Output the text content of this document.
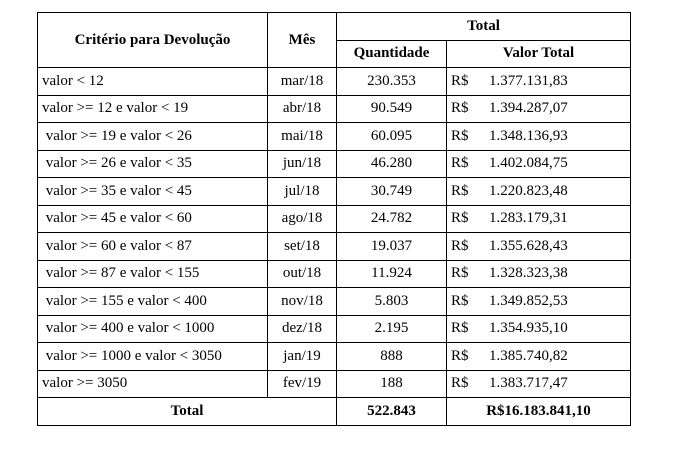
Critério para Devolução	Mês	Total	
		Quantidade	Valor Total
valor < 12	mar/18	230.353	R$ 1.377.131,83
valor >= 12 e valor < 19	abr/18	90.549	R$ 1.394.287,07
valor >= 19 e valor < 26	mai/18	60.095	R$ 1.348.136,93
valor >= 26 e valor < 35	jun/18	46.280	R$ 1.402.084,75
valor >= 35 e valor < 45	jul/18	30.749	R$ 1.220.823,48
valor >= 45 e valor < 60	ago/18	24.782	R$ 1.283.179,31
valor >= 60 e valor < 87	set/18	19.037	R$ 1.355.628,43
valor >= 87 e valor < 155	out/18	11.924	R$ 1.328.323,38
valor >= 155 e valor < 400	nov/18	5.803	R$ 1.349.852,53
valor >= 400 e valor < 1000	dez/18	2.195	R$ 1.354.935,10
valor >= 1000 e valor < 3050	jan/19	888	R$ 1.385.740,82
valor >= 3050	fev/19	188	R$ 1.383.717,47
Total		522.843	R$16.183.841,10
